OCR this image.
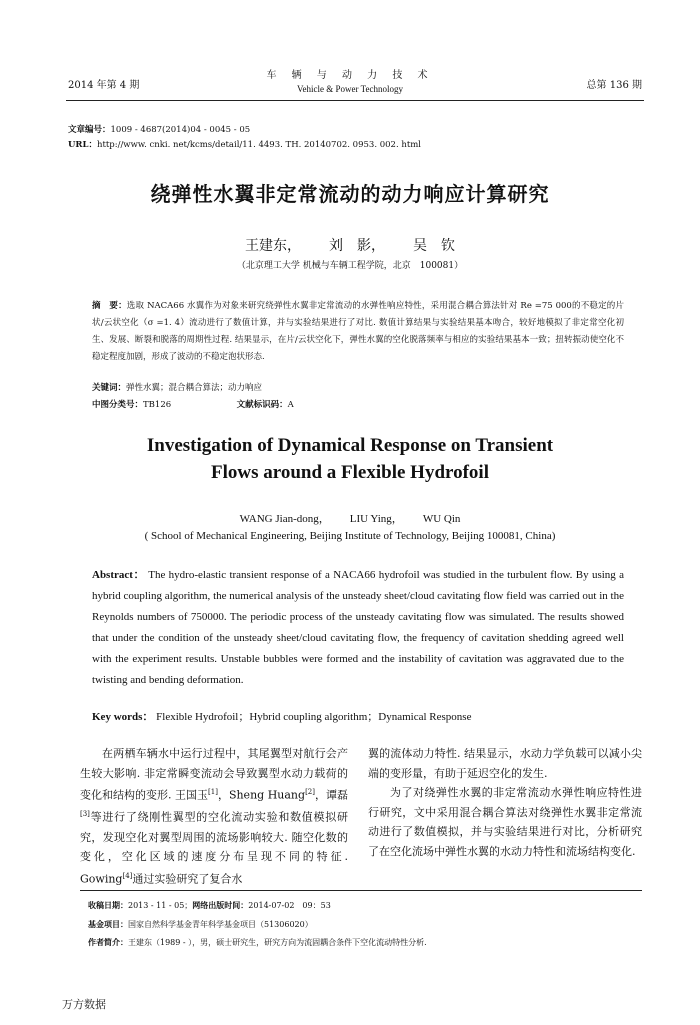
2014 年第 4 期
车 辆 与 动 力 技 术
Vehicle & Power Technology	总第 136 期
文章编号：1009 - 4687(2014)04 - 0045 - 05
URL：http://www. cnki. net/kcms/detail/11. 4493. TH. 20140702. 0953. 002. html
绕弹性水翼非定常流动的动力响应计算研究
王建东， 刘　影， 吴　钦
（北京理工大学 机械与车辆工程学院，北京　100081）
摘　要：选取 NACA66 水翼作为对象来研究绕弹性水翼非定常流动的水弹性响应特性，采用混合耦合算法针对 Re =75 000的不稳定的片状/云状空化（σ =1. 4）流动进行了数值计算，并与实验结果进行了对比. 数值计算结果与实验结果基本吻合，较好地模拟了非定常空化初生、发展、断裂和脱落的周期性过程. 结果显示，在片/云状空化下，弹性水翼的空化脱落频率与相应的实验结果基本一致；扭转振动使空化不稳定程度加剧，形成了波动的不稳定泡状形态.
关键词：弹性水翼；混合耦合算法；动力响应
中图分类号：TB126	文献标识码：A
Investigation of Dynamical Response on Transient
Flows around a Flexible Hydrofoil
WANG Jian-dong， LIU Ying， WU Qin
( School of Mechanical Engineering, Beijing Institute of Technology, Beijing 100081, China)
Abstract： The hydro-elastic transient response of a NACA66 hydrofoil was studied in the turbulent flow. By using a hybrid coupling algorithm, the numerical analysis of the unsteady sheet/cloud cavitating flow field was carried out in the Reynolds numbers of 750000. The periodic process of the unsteady cavitating flow was simulated. The results showed that under the condition of the unsteady sheet/cloud cavitating flow, the frequency of cavitation shedding agreed well with the experiment results. Unstable bubbles were formed and the instability of cavitation was aggravated due to the twisting and bending deformation.
Key words： Flexible Hydrofoil；Hybrid coupling algorithm；Dynamical Response

在两栖车辆水中运行过程中，其尾翼型对航行会产生较大影响. 非定常瞬变流动会导致翼型水动力载荷的变化和结构的变形. 王国玉[1]，Sheng Huang[2]，谭磊[3]等进行了绕刚性翼型的空化流动实验和数值模拟研究，发现空化对翼型周围的流场影响较大. 随空化数的变化，空化区域的速度分布呈现不同的特征. Gowing[4]通过实验研究了复合水

翼的流体动力特性. 结果显示，水动力学负载可以减小尖端的变形量，有助于延迟空化的发生.

为了对绕弹性水翼的非定常流动水弹性响应特性进行研究，文中采用混合耦合算法对绕弹性水翼非定常流动进行了数值模拟，并与实验结果进行对比，分析研究了在空化流场中弹性水翼的水动力特性和流场结构变化.

收稿日期：2013 - 11 - 05；网络出版时间：2014-07-02　09：53
基金项目：国家自然科学基金青年科学基金项目（51306020）
作者简介：王建东（1989 - ），男，硕士研究生，研究方向为流固耦合条件下空化流动特性分析.
万方数据
